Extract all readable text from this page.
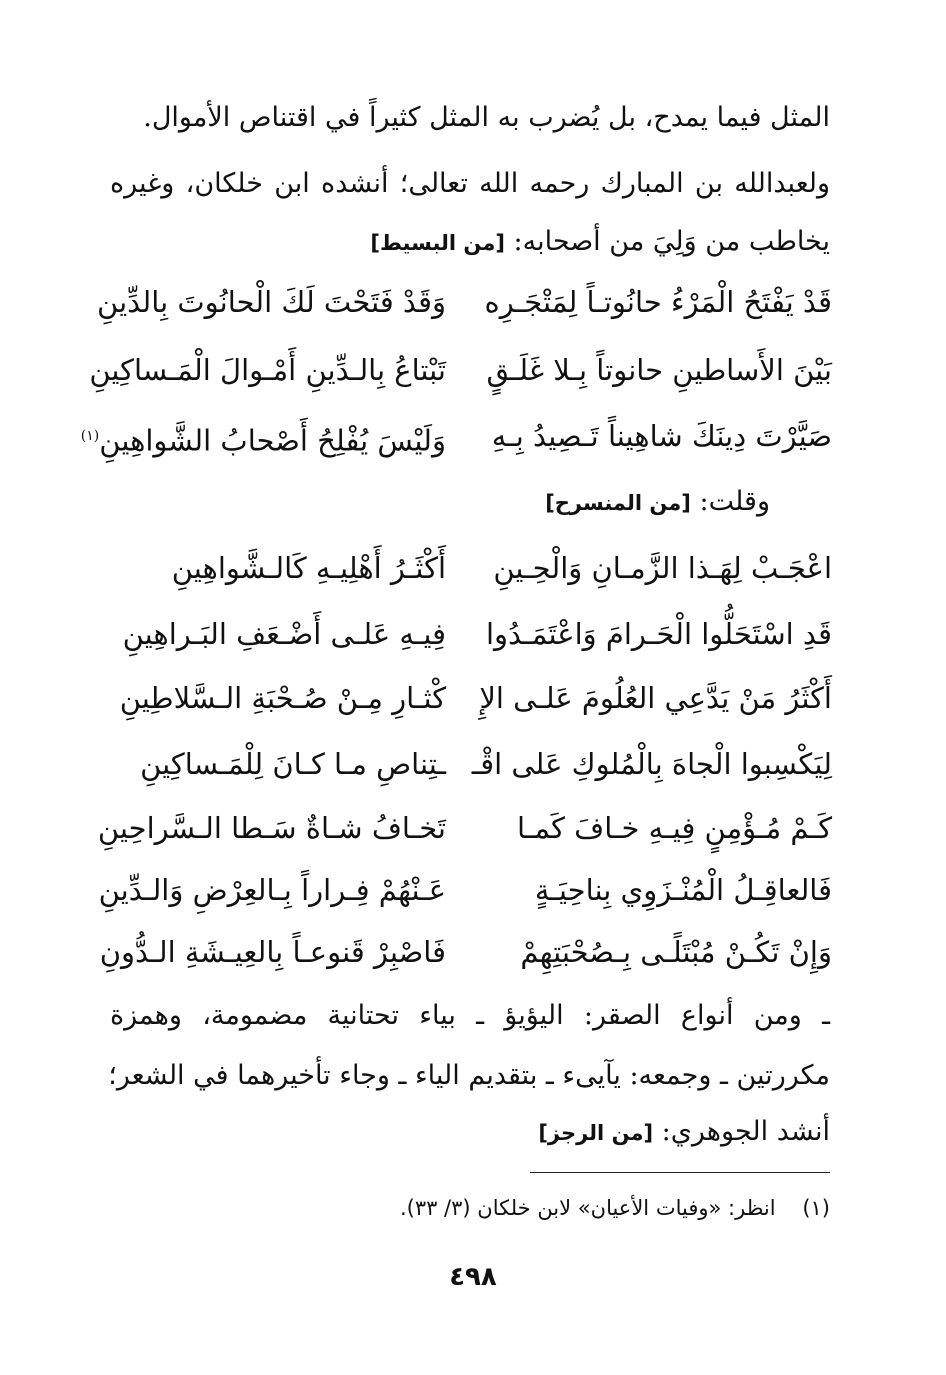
المثل فيما يمدح، بل يُضرب به المثل كثيراً في اقتناص الأموال.
ولعبدالله بن المبارك رحمه الله تعالى؛ أنشده ابن خلكان، وغيره
يخاطب من وَلِيَ من أصحابه: [من البسيط]
قَدْ يَفْتَحُ الْمَرْءُ حانُوتـاً لِمَتْجَـرِه
وَقَدْ فَتَحْتَ لَكَ الْحانُوتَ بِالدِّينِ
بَيْنَ الأَساطينِ حانوتاً بِـلا غَلَـقٍ
تَبْتاعُ بِالـدِّينِ أَمْـوالَ الْمَـساكِينِ
صَيَّرْتَ دِينَكَ شاهِيناً تَـصِيدُ بِـهِ
وَلَيْسَ يُفْلِحُ أَصْحابُ الشَّواهِينِ$^{(١)}$
وقلت: [من المنسرح]
اعْجَـبْ لِهَـذا الزَّمـانِ وَالْحِـينِ
أَكْثَـرُ أَهْلِيـهِ كَالـشَّواهِينِ
قَدِ اسْتَحَلُّوا الْحَـرامَ وَاعْتَمَـدُوا
فِيـهِ عَلـى أَضْـعَفِ البَـراهِينِ
أَكْثَرُ مَنْ يَدَّعِي العُلُومَ عَلـى الإِ
كْثـارِ مِـنْ صُـحْبَةِ الـسَّلاطِينِ
لِيَكْسِبوا الْجاهَ بِالْمُلوكِ عَلى اقْـ
ـتِناصِ مـا كـانَ لِلْمَـساكِينِ
كَـمْ مُـؤْمِنٍ فِيـهِ خـافَ كَمـا
تَخـافُ شـاةٌ سَـطا الـسَّراحِينِ
فَالعاقِـلُ الْمُنْـزَوِي بِناحِيَـةٍ
عَـنْهُمْ فِـراراً بِـالعِرْضِ وَالـدِّينِ
وَإِنْ تَكُـنْ مُبْتَلًـى بِـصُحْبَتِهِمْ
فَاصْبِرْ قَنوعـاً بِالعِيـشَةِ الـدُّونِ
ـ ومن أنواع الصقر: اليؤيؤ ـ بياء تحتانية مضمومة، وهمزة
مكررتين ـ وجمعه: يآيىء ـ بتقديم الياء ـ وجاء تأخيرهما في الشعر؛
أنشد الجوهري: [من الرجز]
(١)    انظر: «وفيات الأعيان» لابن خلكان (٣/ ٣٣).
٤٩٨
